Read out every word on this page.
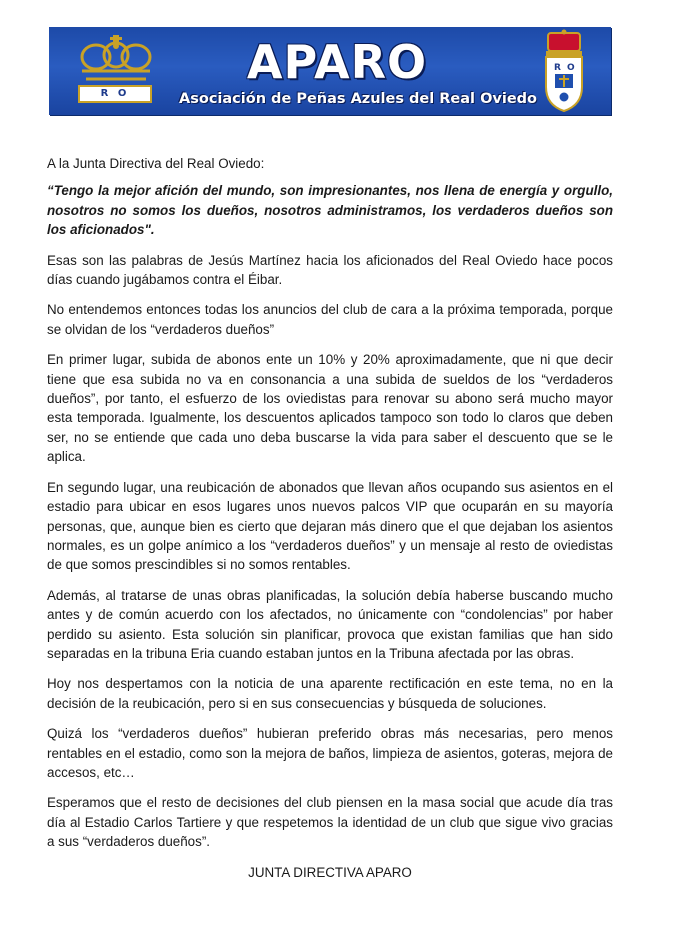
R O
APARO
Asociación de Peñas Azules del Real Oviedo
R O

A la Junta Directiva del Real Oviedo:

“Tengo la mejor afición del mundo, son impresionantes, nos llena de energía y orgullo, nosotros no somos los dueños, nosotros administramos, los verdaderos dueños son los aficionados".

Esas son las palabras de Jesús Martínez hacia los aficionados del Real Oviedo hace pocos días cuando jugábamos contra el Éibar.

No entendemos entonces todas los anuncios del club de cara a la próxima temporada, porque se olvidan de los “verdaderos dueños”

En primer lugar, subida de abonos ente un 10% y 20% aproximadamente, que ni que decir tiene que esa subida no va en consonancia a una subida de sueldos de los “verdaderos dueños”, por tanto, el esfuerzo de los oviedistas para renovar su abono será mucho mayor esta temporada. Igualmente, los descuentos aplicados tampoco son todo lo claros que deben ser, no se entiende que cada uno deba buscarse la vida para saber el descuento que se le aplica.

En segundo lugar, una reubicación de abonados que llevan años ocupando sus asientos en el estadio para ubicar en esos lugares unos nuevos palcos VIP que ocuparán en su mayoría personas, que, aunque bien es cierto que dejaran más dinero que el que dejaban los asientos normales, es un golpe anímico a los “verdaderos dueños” y un mensaje al resto de oviedistas de que somos prescindibles si no somos rentables.

Además, al tratarse de unas obras planificadas, la solución debía haberse buscando mucho antes y de común acuerdo con los afectados, no únicamente con “condolencias” por haber perdido su asiento. Esta solución sin planificar, provoca que existan familias que han sido separadas en la tribuna Eria cuando estaban juntos en la Tribuna afectada por las obras.

Hoy nos despertamos con la noticia de una aparente rectificación en este tema, no en la decisión de la reubicación, pero si en sus consecuencias y búsqueda de soluciones.

Quizá los “verdaderos dueños” hubieran preferido obras más necesarias, pero menos rentables en el estadio, como son la mejora de baños, limpieza de asientos, goteras, mejora de accesos, etc…

Esperamos que el resto de decisiones del club piensen en la masa social que acude día tras día al Estadio Carlos Tartiere y que respetemos la identidad de un club que sigue vivo gracias a sus “verdaderos dueños”.

JUNTA DIRECTIVA APARO
